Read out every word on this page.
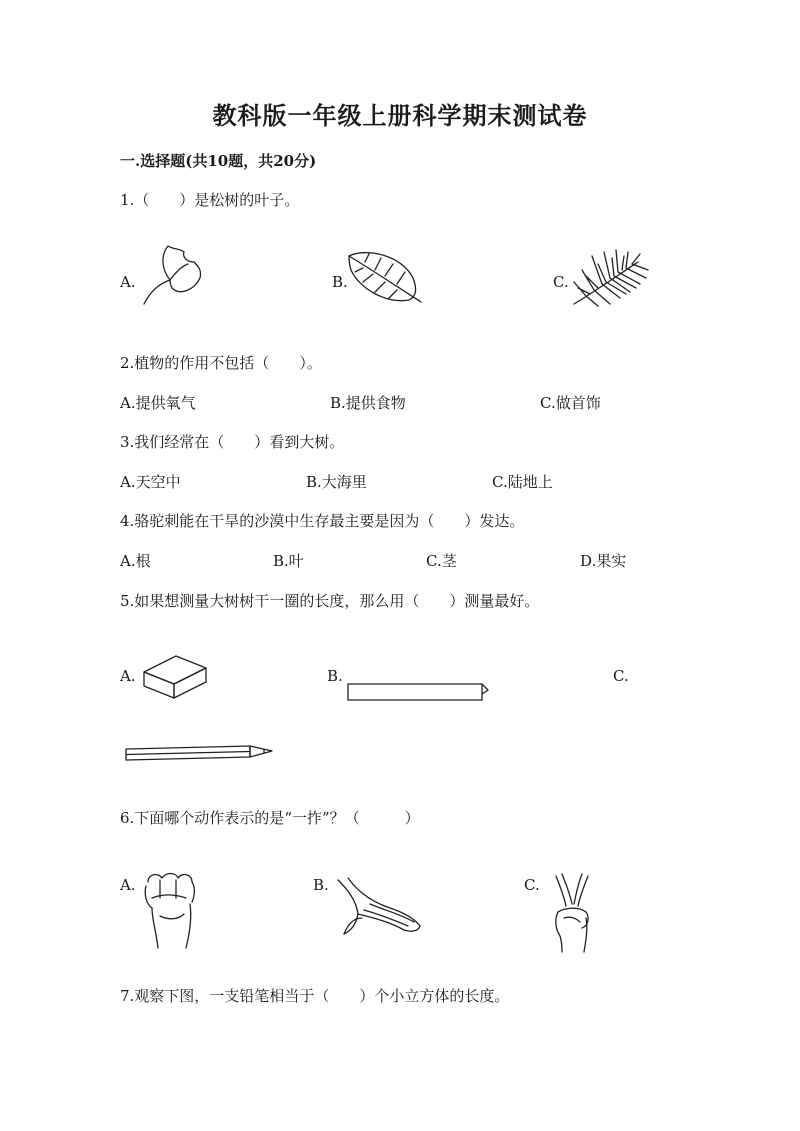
教科版一年级上册科学期末测试卷
一.选择题(共10题，共20分)
1.（　　）是松树的叶子。
A.	B.	C.
2.植物的作用不包括（　　）。
A.提供氧气	B.提供食物	C.做首饰
3.我们经常在（　　）看到大树。
A.天空中	B.大海里	C.陆地上
4.骆驼刺能在干旱的沙漠中生存最主要是因为（　　）发达。
A.根	B.叶	C.茎	D.果实
5.如果想测量大树树干一圈的长度，那么用（　　）测量最好。
A.	B.	C.
6.下面哪个动作表示的是“一拃”？（　　　）
A.	B.	C.
7.观察下图，一支铅笔相当于（　　）个小立方体的长度。
